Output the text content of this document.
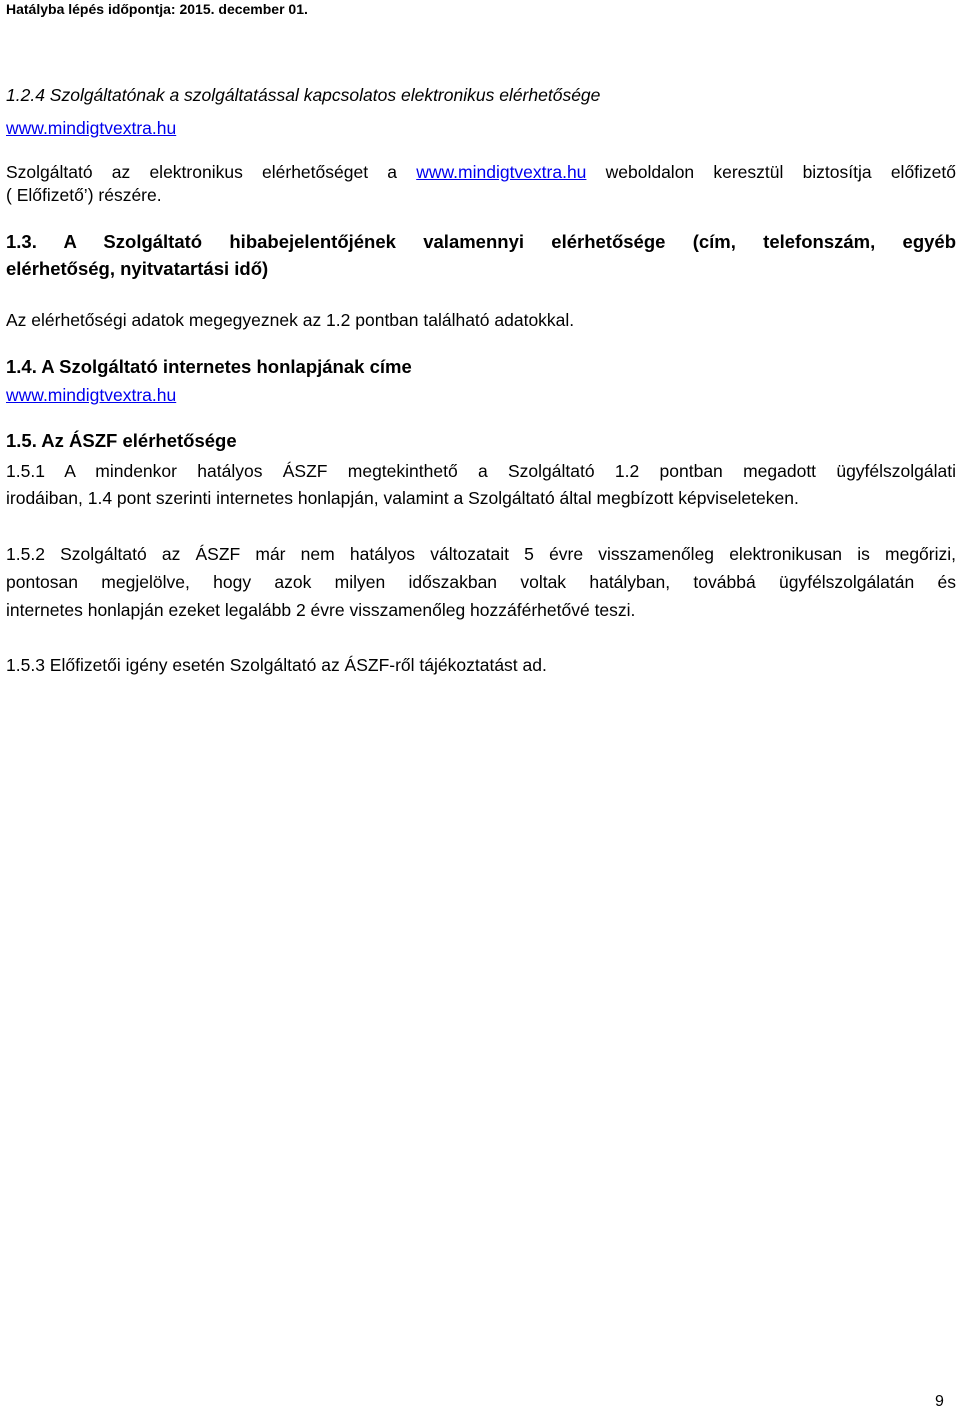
Hatályba lépés időpontja: 2015. december 01.
1.2.4 Szolgáltatónak a szolgáltatással kapcsolatos elektronikus elérhetősége
www.mindigtvextra.hu
Szolgáltató az elektronikus elérhetőséget a www.mindigtvextra.hu weboldalon keresztül biztosítja előfizető
( Előfizető’) részére.
1.3. A Szolgáltató hibabejelentőjének valamennyi elérhetősége (cím, telefonszám, egyéb
elérhetőség, nyitvatartási idő)
Az elérhetőségi adatok megegyeznek az 1.2 pontban található adatokkal.
1.4. A Szolgáltató internetes honlapjának címe
www.mindigtvextra.hu
1.5. Az ÁSZF elérhetősége
1.5.1 A mindenkor hatályos ÁSZF megtekinthető a Szolgáltató 1.2 pontban megadott ügyfélszolgálati
irodáiban, 1.4 pont szerinti internetes honlapján, valamint a Szolgáltató által megbízott képviseleteken.
1.5.2 Szolgáltató az ÁSZF már nem hatályos változatait 5 évre visszamenőleg elektronikusan is megőrizi,
pontosan megjelölve, hogy azok milyen időszakban voltak hatályban, továbbá ügyfélszolgálatán és
internetes honlapján ezeket legalább 2 évre visszamenőleg hozzáférhetővé teszi.
1.5.3 Előfizetői igény esetén Szolgáltató az ÁSZF-ről tájékoztatást ad.
9
